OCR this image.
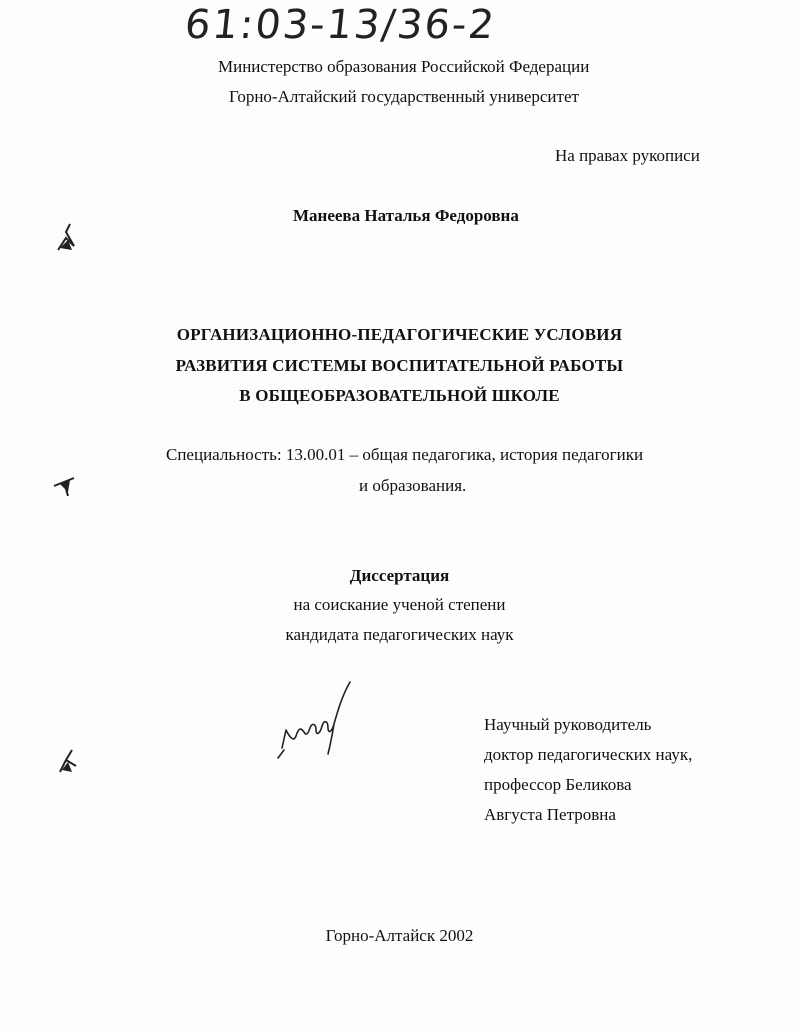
61:03-13/36-2
Министерство образования Российской Федерации
Горно-Алтайский государственный университет
На правах рукописи
Манеева Наталья Федоровна
ОРГАНИЗАЦИОННО-ПЕДАГОГИЧЕСКИЕ УСЛОВИЯ
РАЗВИТИЯ СИСТЕМЫ ВОСПИТАТЕЛЬНОЙ РАБОТЫ
В ОБЩЕОБРАЗОВАТЕЛЬНОЙ ШКОЛЕ
Специальность: 13.00.01 – общая педагогика, история педагогики
и образования.
Диссертация
на соискание ученой степени
кандидата педагогических наук
Научный руководитель
доктор педагогических наук,
профессор Беликова
Августа Петровна
Горно-Алтайск 2002
